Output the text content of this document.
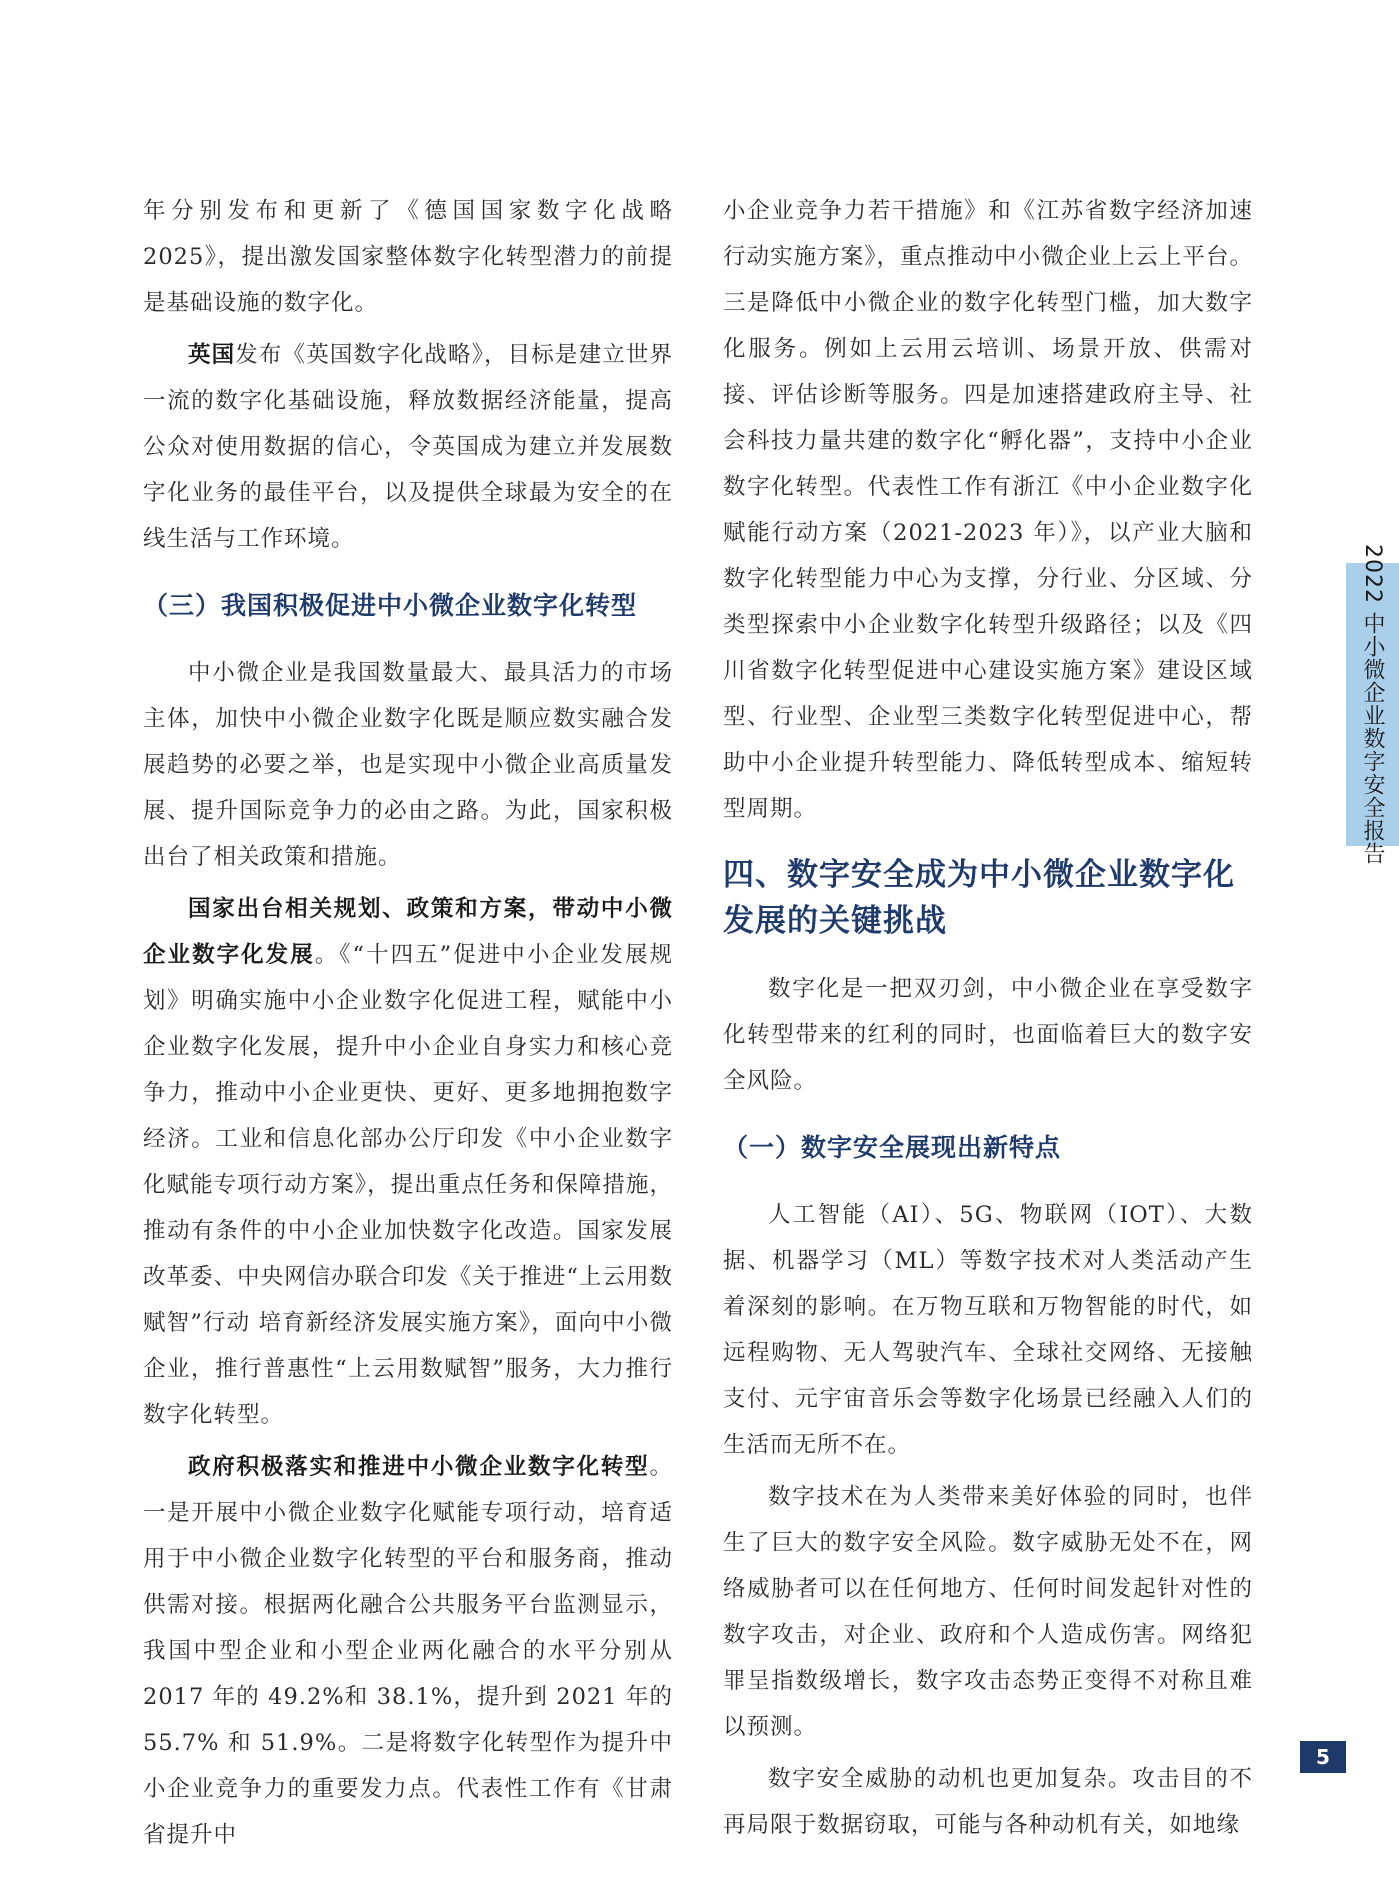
年分别发布和更新了《德国国家数字化战略 2025》，提出激发国家整体数字化转型潜力的前提是基础设施的数字化。

英国发布《英国数字化战略》，目标是建立世界一流的数字化基础设施，释放数据经济能量，提高公众对使用数据的信心，令英国成为建立并发展数字化业务的最佳平台，以及提供全球最为安全的在线生活与工作环境。

（三）我国积极促进中小微企业数字化转型

中小微企业是我国数量最大、最具活力的市场主体，加快中小微企业数字化既是顺应数实融合发展趋势的必要之举，也是实现中小微企业高质量发展、提升国际竞争力的必由之路。为此，国家积极出台了相关政策和措施。

国家出台相关规划、政策和方案，带动中小微企业数字化发展。《“十四五”促进中小企业发展规划》明确实施中小企业数字化促进工程，赋能中小企业数字化发展，提升中小企业自身实力和核心竞争力，推动中小企业更快、更好、更多地拥抱数字经济。工业和信息化部办公厅印发《中小企业数字化赋能专项行动方案》，提出重点任务和保障措施，推动有条件的中小企业加快数字化改造。国家发展改革委、中央网信办联合印发《关于推进“上云用数赋智”行动 培育新经济发展实施方案》，面向中小微企业，推行普惠性“上云用数赋智”服务，大力推行数字化转型。

政府积极落实和推进中小微企业数字化转型。一是开展中小微企业数字化赋能专项行动，培育适用于中小微企业数字化转型的平台和服务商，推动供需对接。根据两化融合公共服务平台监测显示，我国中型企业和小型企业两化融合的水平分别从 2017 年的 49.2%和 38.1%，提升到 2021 年的 55.7% 和 51.9%。二是将数字化转型作为提升中小企业竞争力的重要发力点。代表性工作有《甘肃省提升中

小企业竞争力若干措施》和《江苏省数字经济加速行动实施方案》，重点推动中小微企业上云上平台。三是降低中小微企业的数字化转型门槛，加大数字化服务。例如上云用云培训、场景开放、供需对接、评估诊断等服务。四是加速搭建政府主导、社会科技力量共建的数字化“孵化器”，支持中小企业数字化转型。代表性工作有浙江《中小企业数字化赋能行动方案（2021-2023 年）》，以产业大脑和数字化转型能力中心为支撑，分行业、分区域、分类型探索中小企业数字化转型升级路径；以及《四川省数字化转型促进中心建设实施方案》建设区域型、行业型、企业型三类数字化转型促进中心，帮助中小企业提升转型能力、降低转型成本、缩短转型周期。

四、数字安全成为中小微企业数字化发展的关键挑战

数字化是一把双刃剑，中小微企业在享受数字化转型带来的红利的同时，也面临着巨大的数字安全风险。

（一）数字安全展现出新特点

人工智能（AI）、5G、物联网（IOT）、大数据、机器学习（ML）等数字技术对人类活动产生着深刻的影响。在万物互联和万物智能的时代，如远程购物、无人驾驶汽车、全球社交网络、无接触支付、元宇宙音乐会等数字化场景已经融入人们的生活而无所不在。

数字技术在为人类带来美好体验的同时，也伴生了巨大的数字安全风险。数字威胁无处不在，网络威胁者可以在任何地方、任何时间发起针对性的数字攻击，对企业、政府和个人造成伤害。网络犯罪呈指数级增长，数字攻击态势正变得不对称且难以预测。

数字安全威胁的动机也更加复杂。攻击目的不再局限于数据窃取，可能与各种动机有关，如地缘

2022 中小微企业数字安全报告
5
